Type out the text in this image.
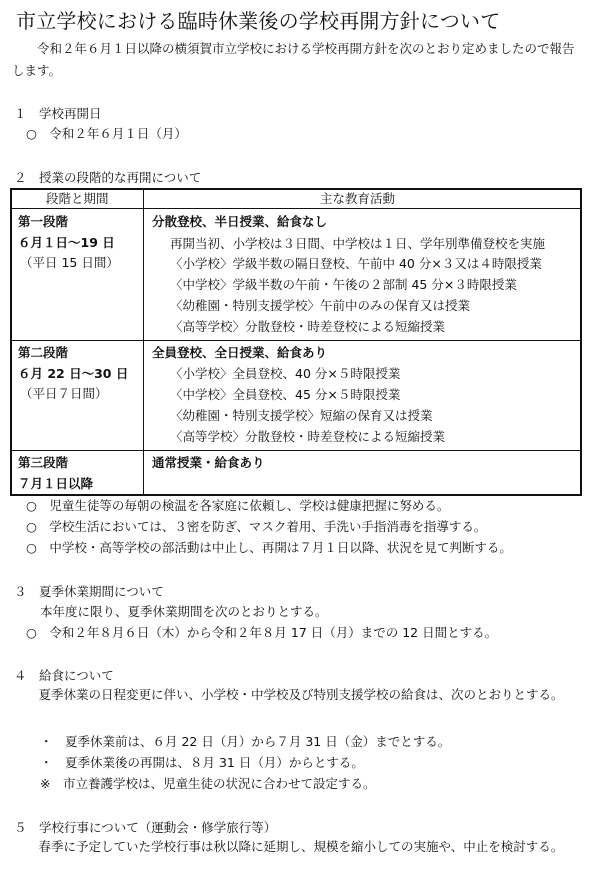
市立学校における臨時休業後の学校再開方針について
令和２年６月１日以降の横須賀市立学校における学校再開方針を次のとおり定めましたので報告します。
１　学校再開日
○　令和２年６月１日（月）
２　授業の段階的な再開について
段階と期間	主な教育活動
第一段階
６月１日〜19 日
（平日 15 日間）
分散登校、半日授業、給食なし
再開当初、小学校は３日間、中学校は１日、学年別準備登校を実施
〈小学校〉学級半数の隔日登校、午前中 40 分×３又は４時限授業
〈中学校〉学級半数の午前・午後の２部制 45 分×３時限授業
〈幼稚園・特別支援学校〉午前中のみの保育又は授業
〈高等学校〉分散登校・時差登校による短縮授業
第二段階
６月 22 日〜30 日
（平日７日間）
全員登校、全日授業、給食あり
〈小学校〉全員登校、40 分×５時限授業
〈中学校〉全員登校、45 分×５時限授業
〈幼稚園・特別支援学校〉短縮の保育又は授業
〈高等学校〉分散登校・時差登校による短縮授業
第三段階
７月１日以降
通常授業・給食あり
○　児童生徒等の毎朝の検温を各家庭に依頼し、学校は健康把握に努める。
○　学校生活においては、３密を防ぎ、マスク着用、手洗い手指消毒を指導する。
○　中学校・高等学校の部活動は中止し、再開は７月１日以降、状況を見て判断する。
３　夏季休業期間について
本年度に限り、夏季休業期間を次のとおりとする。
○　令和２年８月６日（木）から令和２年８月 17 日（月）までの 12 日間とする。
４　給食について
夏季休業の日程変更に伴い、小学校・中学校及び特別支援学校の給食は、次のとおりとする。
・　夏季休業前は、６月 22 日（月）から７月 31 日（金）までとする。
・　夏季休業後の再開は、８月 31 日（月）からとする。
※　市立養護学校は、児童生徒の状況に合わせて設定する。
５　学校行事について（運動会・修学旅行等）
春季に予定していた学校行事は秋以降に延期し、規模を縮小しての実施や、中止を検討する。
